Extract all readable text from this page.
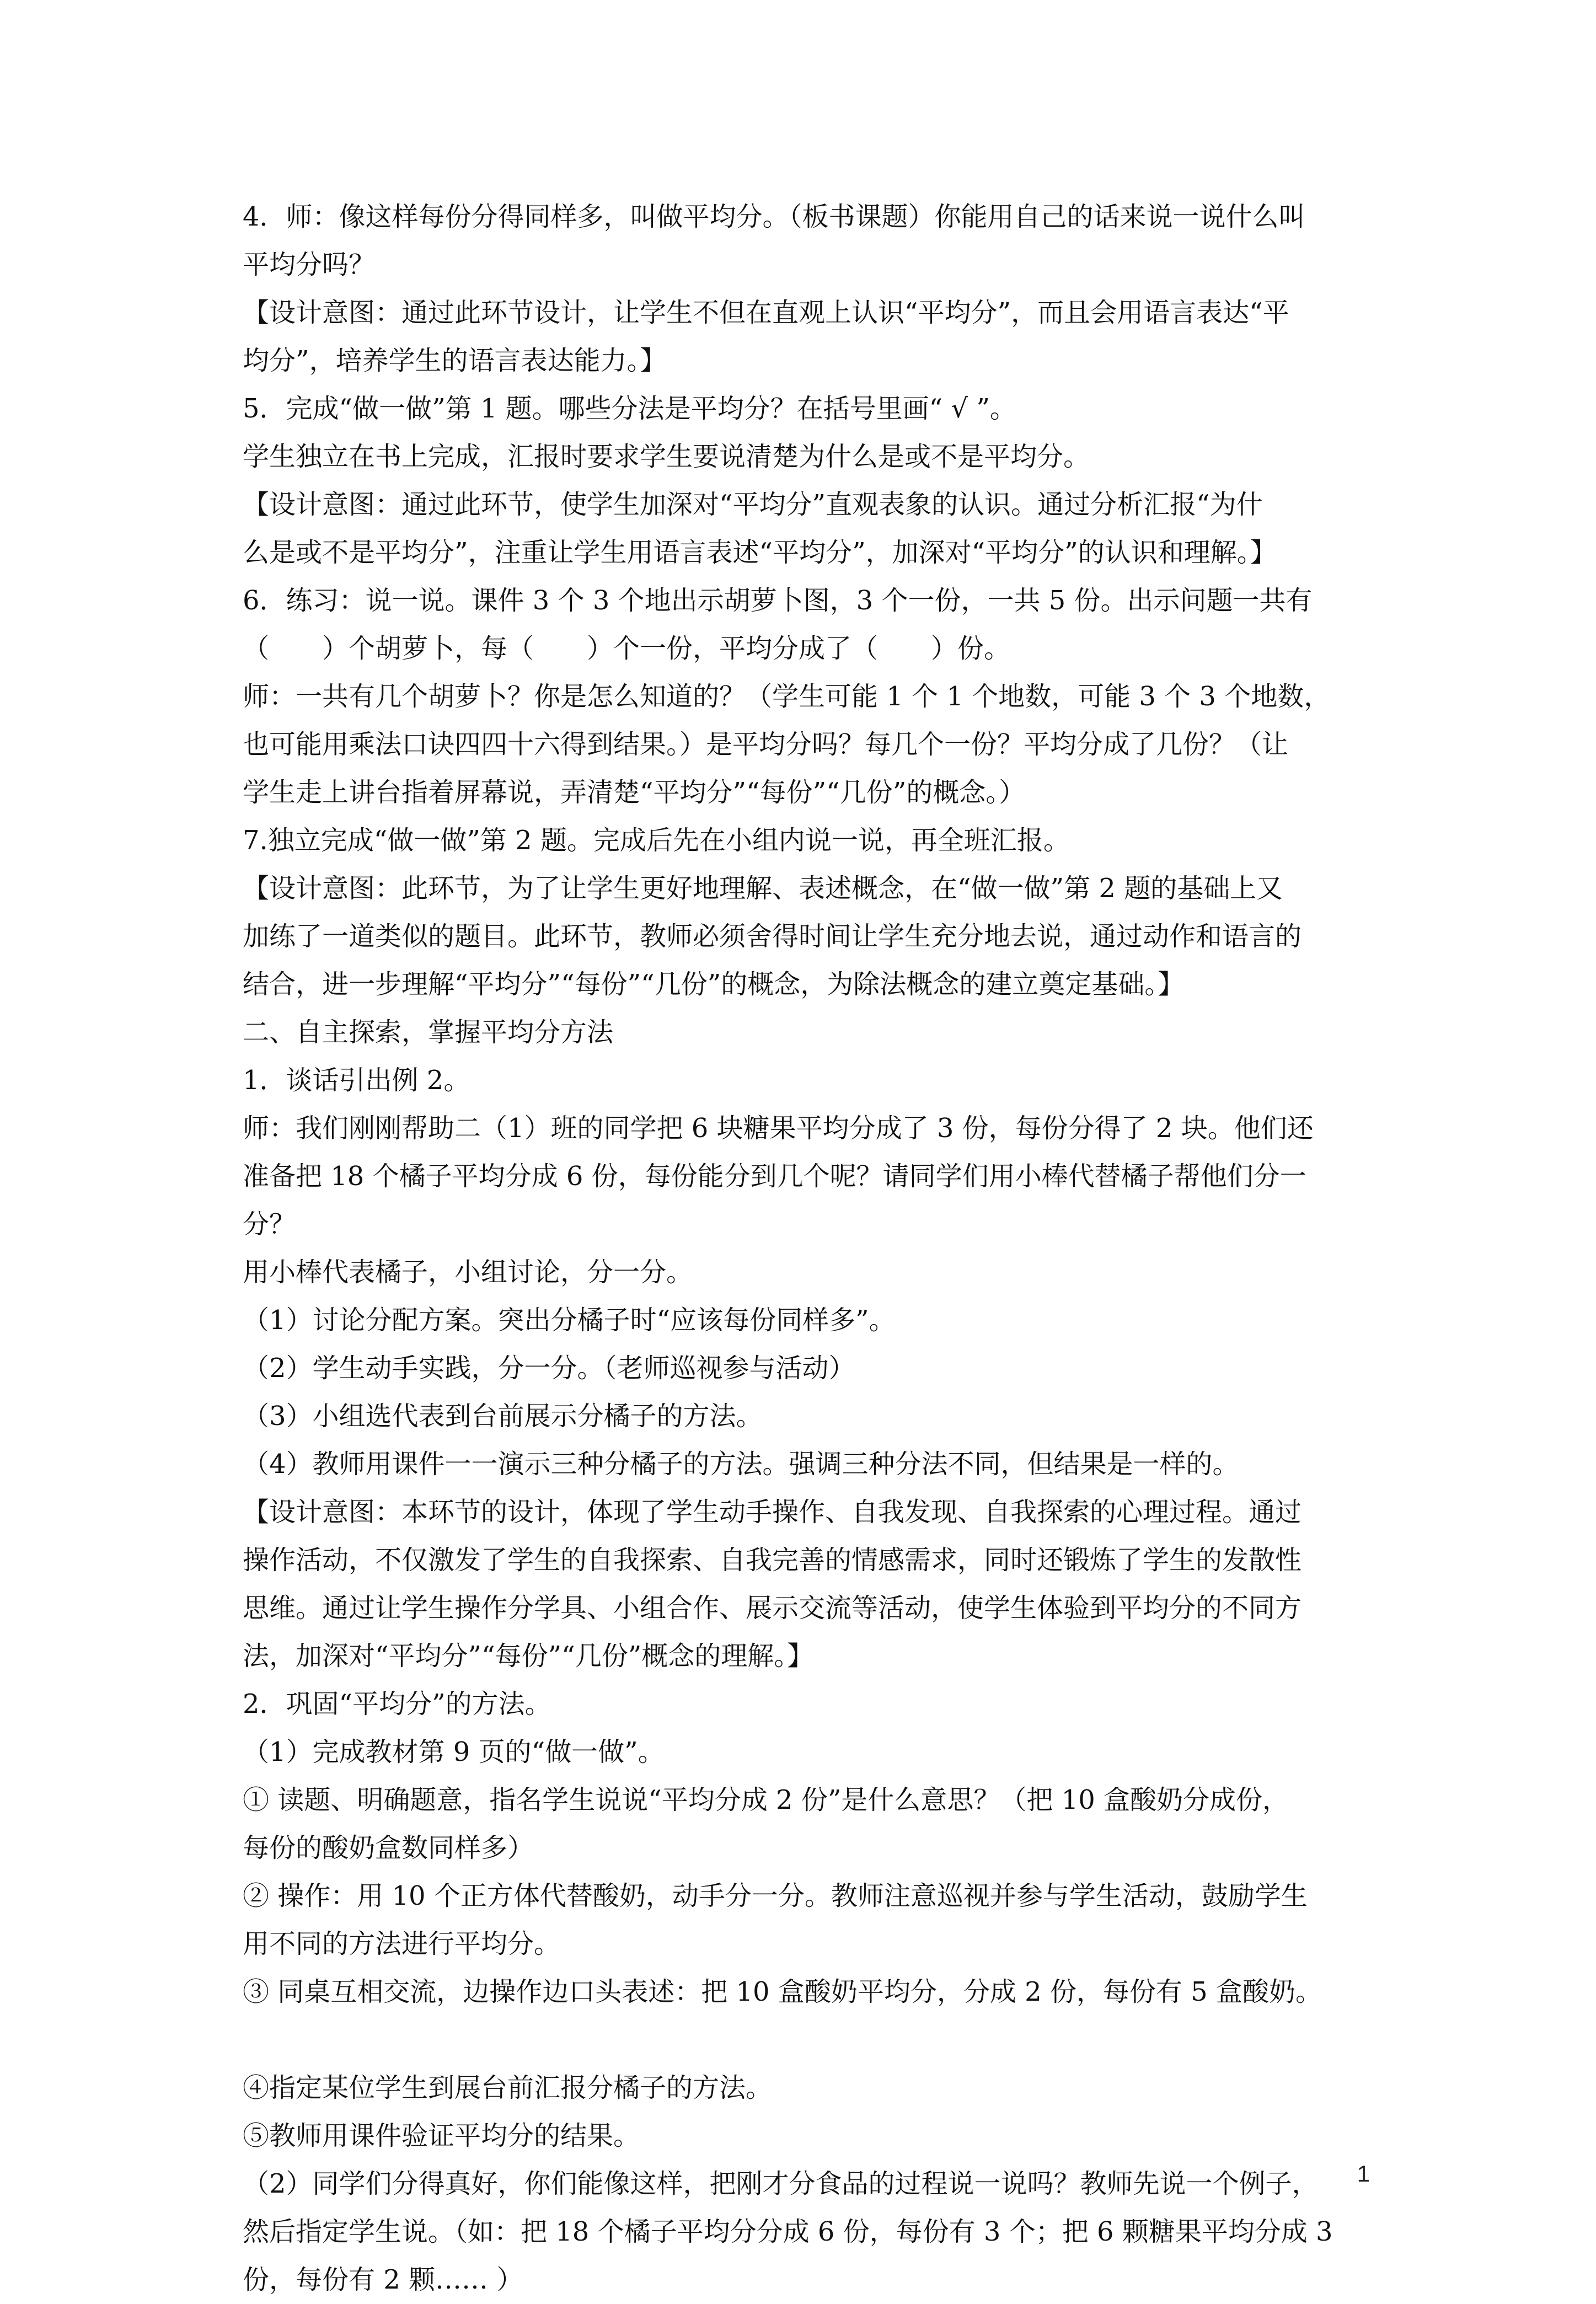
4．师：像这样每份分得同样多，叫做平均分。（板书课题）你能用自己的话来说一说什么叫
平均分吗？
【设计意图：通过此环节设计，让学生不但在直观上认识“平均分”，而且会用语言表达“平
均分”，培养学生的语言表达能力。】
5．完成“做一做”第 1 题。哪些分法是平均分？在括号里画“ √ ”。
学生独立在书上完成，汇报时要求学生要说清楚为什么是或不是平均分。
【设计意图：通过此环节，使学生加深对“平均分”直观表象的认识。通过分析汇报“为什
么是或不是平均分”，注重让学生用语言表述“平均分”，加深对“平均分”的认识和理解。】
6．练习：说一说。课件 3 个 3 个地出示胡萝卜图，3 个一份，一共 5 份。出示问题一共有
（　　）个胡萝卜，每（　　）个一份，平均分成了（　　）份。
师：一共有几个胡萝卜？你是怎么知道的？（学生可能 1 个 1 个地数，可能 3 个 3 个地数，
也可能用乘法口诀四四十六得到结果。）是平均分吗？每几个一份？平均分成了几份？（让
学生走上讲台指着屏幕说，弄清楚“平均分”“每份”“几份”的概念。）
7.独立完成“做一做”第 2 题。完成后先在小组内说一说，再全班汇报。
【设计意图：此环节，为了让学生更好地理解、表述概念，在“做一做”第 2 题的基础上又
加练了一道类似的题目。此环节，教师必须舍得时间让学生充分地去说，通过动作和语言的
结合，进一步理解“平均分”“每份”“几份”的概念，为除法概念的建立奠定基础。】
二、自主探索，掌握平均分方法
1．谈话引出例 2。
师：我们刚刚帮助二（1）班的同学把 6 块糖果平均分成了 3 份，每份分得了 2 块。他们还
准备把 18 个橘子平均分成 6 份，每份能分到几个呢？请同学们用小棒代替橘子帮他们分一
分？
用小棒代表橘子，小组讨论，分一分。
（1）讨论分配方案。突出分橘子时“应该每份同样多”。
（2）学生动手实践，分一分。（老师巡视参与活动）
（3）小组选代表到台前展示分橘子的方法。
（4）教师用课件一一演示三种分橘子的方法。强调三种分法不同，但结果是一样的。
【设计意图：本环节的设计，体现了学生动手操作、自我发现、自我探索的心理过程。通过
操作活动，不仅激发了学生的自我探索、自我完善的情感需求，同时还锻炼了学生的发散性
思维。通过让学生操作分学具、小组合作、展示交流等活动，使学生体验到平均分的不同方
法，加深对“平均分”“每份”“几份”概念的理解。】
2．巩固“平均分”的方法。
（1）完成教材第 9 页的“做一做”。
① 读题、明确题意，指名学生说说“平均分成 2 份”是什么意思？（把 10 盒酸奶分成份，
每份的酸奶盒数同样多）
② 操作：用 10 个正方体代替酸奶，动手分一分。教师注意巡视并参与学生活动，鼓励学生
用不同的方法进行平均分。
③ 同桌互相交流，边操作边口头表述：把 10 盒酸奶平均分，分成 2 份，每份有 5 盒酸奶。
④指定某位学生到展台前汇报分橘子的方法。
⑤教师用课件验证平均分的结果。
（2）同学们分得真好，你们能像这样，把刚才分食品的过程说一说吗？教师先说一个例子，
然后指定学生说。（如：把 18 个橘子平均分分成 6 份，每份有 3 个；把 6 颗糖果平均分成 3
份，每份有 2 颗…… ）
1
